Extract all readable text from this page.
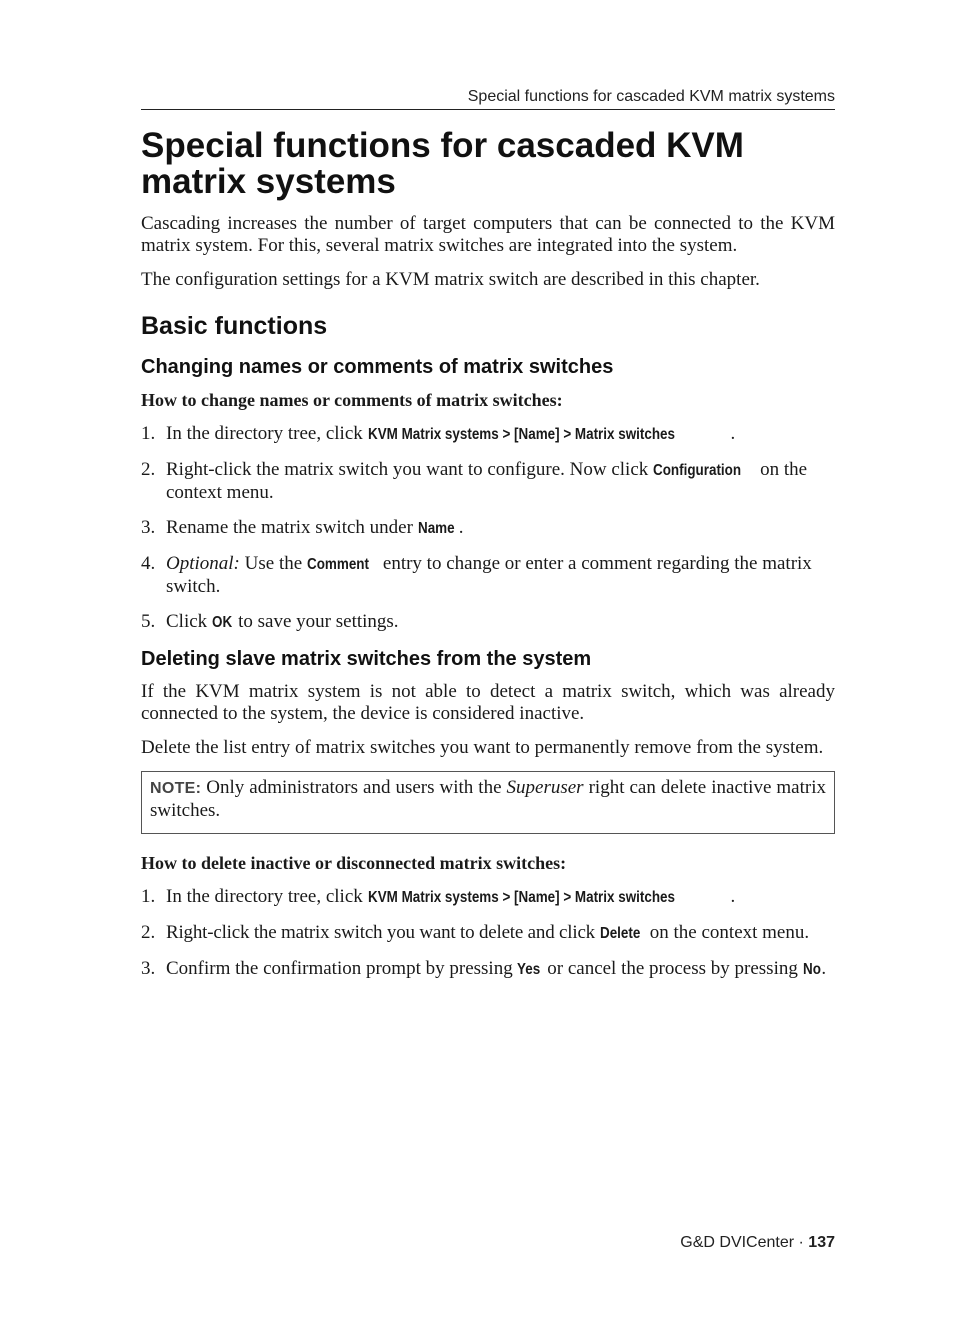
Special functions for cascaded KVM matrix systems
Special functions for cascaded KVM matrix systems

Cascading increases the number of target computers that can be connected to the KVM matrix system. For this, several matrix switches are integrated into the system.

The configuration settings for a KVM matrix switch are described in this chapter.

Basic functions
Changing names or comments of matrix switches

How to change names or comments of matrix switches:

1. In the directory tree, click KVM Matrix systems > [Name] > Matrix switches	.
2. Right-click the matrix switch you want to configure. Now click Configuration on the context menu.
3. Rename the matrix switch under Name .
4. Optional: Use the Comment entry to change or enter a comment regarding the matrix switch.
5. Click OK to save your settings.
Deleting slave matrix switches from the system

If the KVM matrix system is not able to detect a matrix switch, which was already connected to the system, the device is considered inactive.

Delete the list entry of matrix switches you want to permanently remove from the system.

NOTE: Only administrators and users with the Superuser right can delete inactive matrix switches.

How to delete inactive or disconnected matrix switches:

1. In the directory tree, click KVM Matrix systems > [Name] > Matrix switches	.
2. Right-click the matrix switch you want to delete and click Delete on the context menu.
3. Confirm the confirmation prompt by pressing Yes or cancel the process by pressing No.
G&D DVICenter · 137
